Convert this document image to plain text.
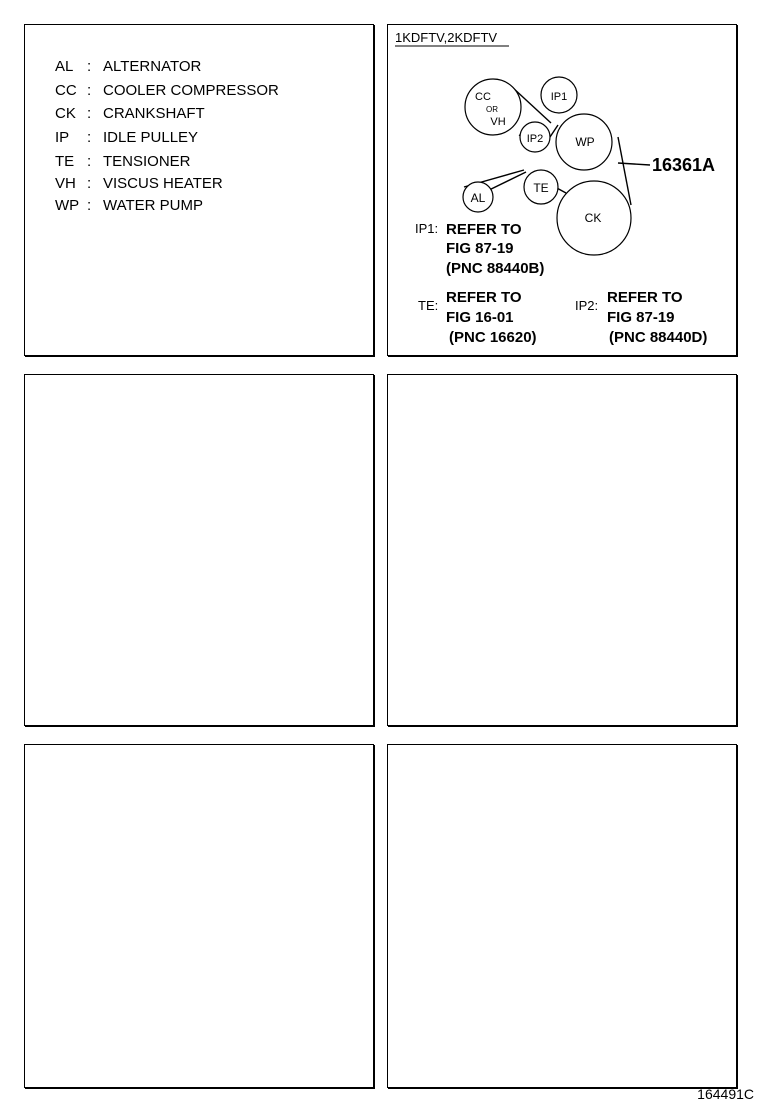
AL : ALTERNATOR
CC : COOLER COMPRESSOR
CK : CRANKSHAFT
IP : IDLE PULLEY
TE : TENSIONER
VH : VISCUS HEATER
WP : WATER PUMP
1KDFTV,2KDFTV
CC
OR
VH
IP1
IP2	WP
AL
TE
CK
16361A
IP1:
TE:	IP2:
REFER TO
FIG 87-19
(PNC 88440B)
REFER TO
FIG 16-01
(PNC 16620)
REFER TO
FIG 87-19
(PNC 88440D)
164491C
